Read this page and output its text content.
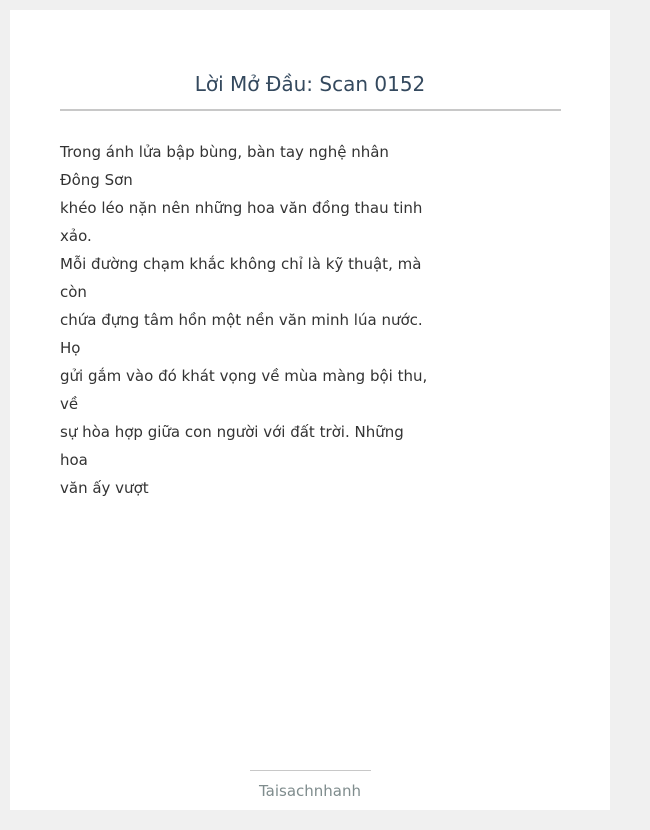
Lời Mở Đầu: Scan 0152
Trong ánh lửa bập bùng, bàn tay nghệ nhân
Đông Sơn
khéo léo nặn nên những hoa văn đồng thau tinh
xảo.
Mỗi đường chạm khắc không chỉ là kỹ thuật, mà
còn
chứa đựng tâm hồn một nền văn minh lúa nước.
Họ
gửi gắm vào đó khát vọng về mùa màng bội thu,
về
sự hòa hợp giữa con người với đất trời. Những
hoa
văn ấy vượt
Taisachnhanh
